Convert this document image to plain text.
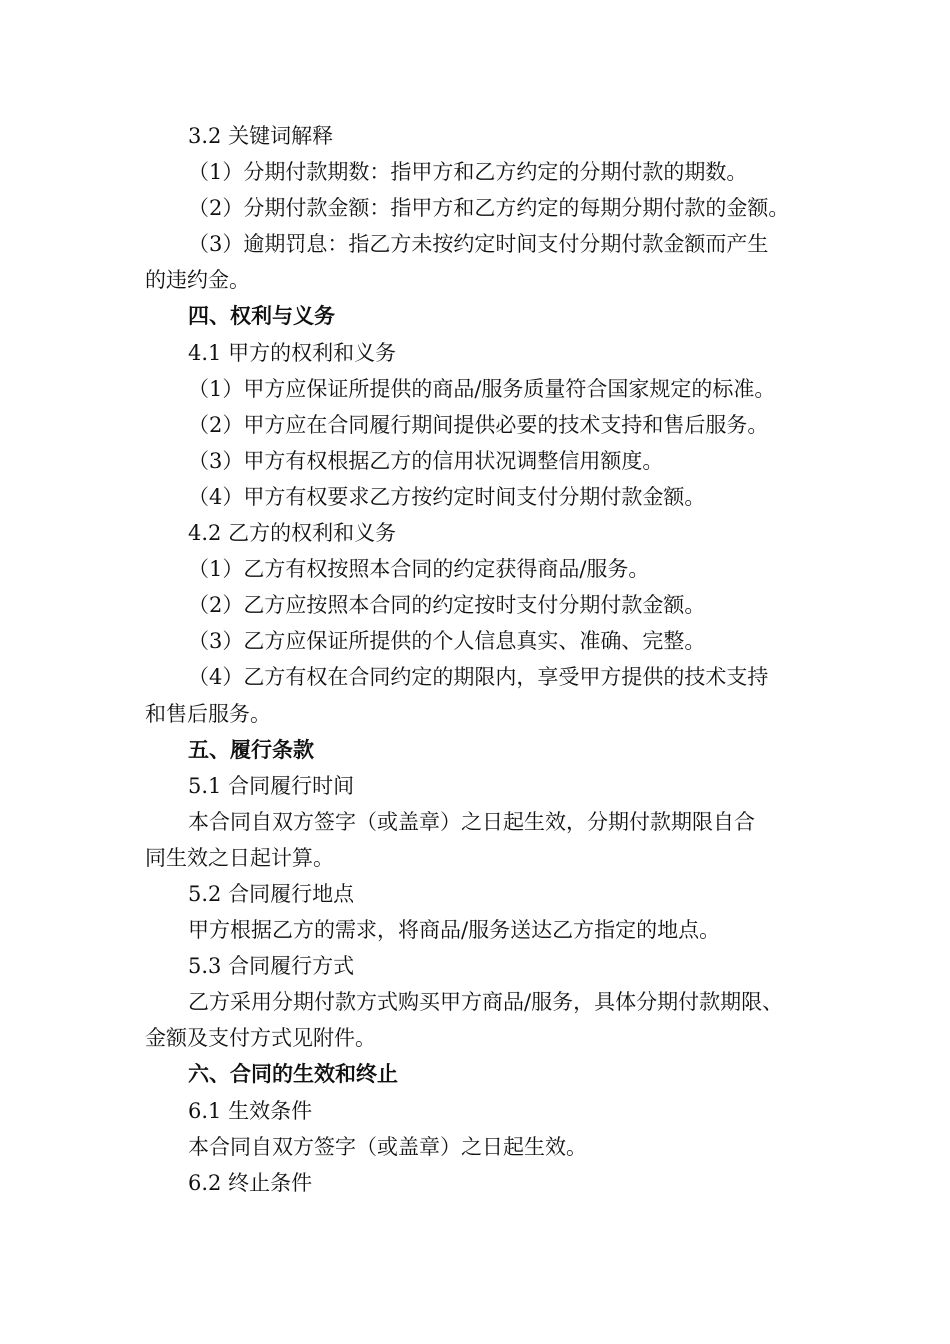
3.2 关键词解释
（1）分期付款期数：指甲方和乙方约定的分期付款的期数。
（2）分期付款金额：指甲方和乙方约定的每期分期付款的金额。
（3）逾期罚息：指乙方未按约定时间支付分期付款金额而产生
的违约金。
四、权利与义务
4.1 甲方的权利和义务
（1）甲方应保证所提供的商品/服务质量符合国家规定的标准。
（2）甲方应在合同履行期间提供必要的技术支持和售后服务。
（3）甲方有权根据乙方的信用状况调整信用额度。
（4）甲方有权要求乙方按约定时间支付分期付款金额。
4.2 乙方的权利和义务
（1）乙方有权按照本合同的约定获得商品/服务。
（2）乙方应按照本合同的约定按时支付分期付款金额。
（3）乙方应保证所提供的个人信息真实、准确、完整。
（4）乙方有权在合同约定的期限内，享受甲方提供的技术支持
和售后服务。
五、履行条款
5.1 合同履行时间
本合同自双方签字（或盖章）之日起生效，分期付款期限自合
同生效之日起计算。
5.2 合同履行地点
甲方根据乙方的需求，将商品/服务送达乙方指定的地点。
5.3 合同履行方式
乙方采用分期付款方式购买甲方商品/服务，具体分期付款期限、
金额及支付方式见附件。
六、合同的生效和终止
6.1 生效条件
本合同自双方签字（或盖章）之日起生效。
6.2 终止条件
